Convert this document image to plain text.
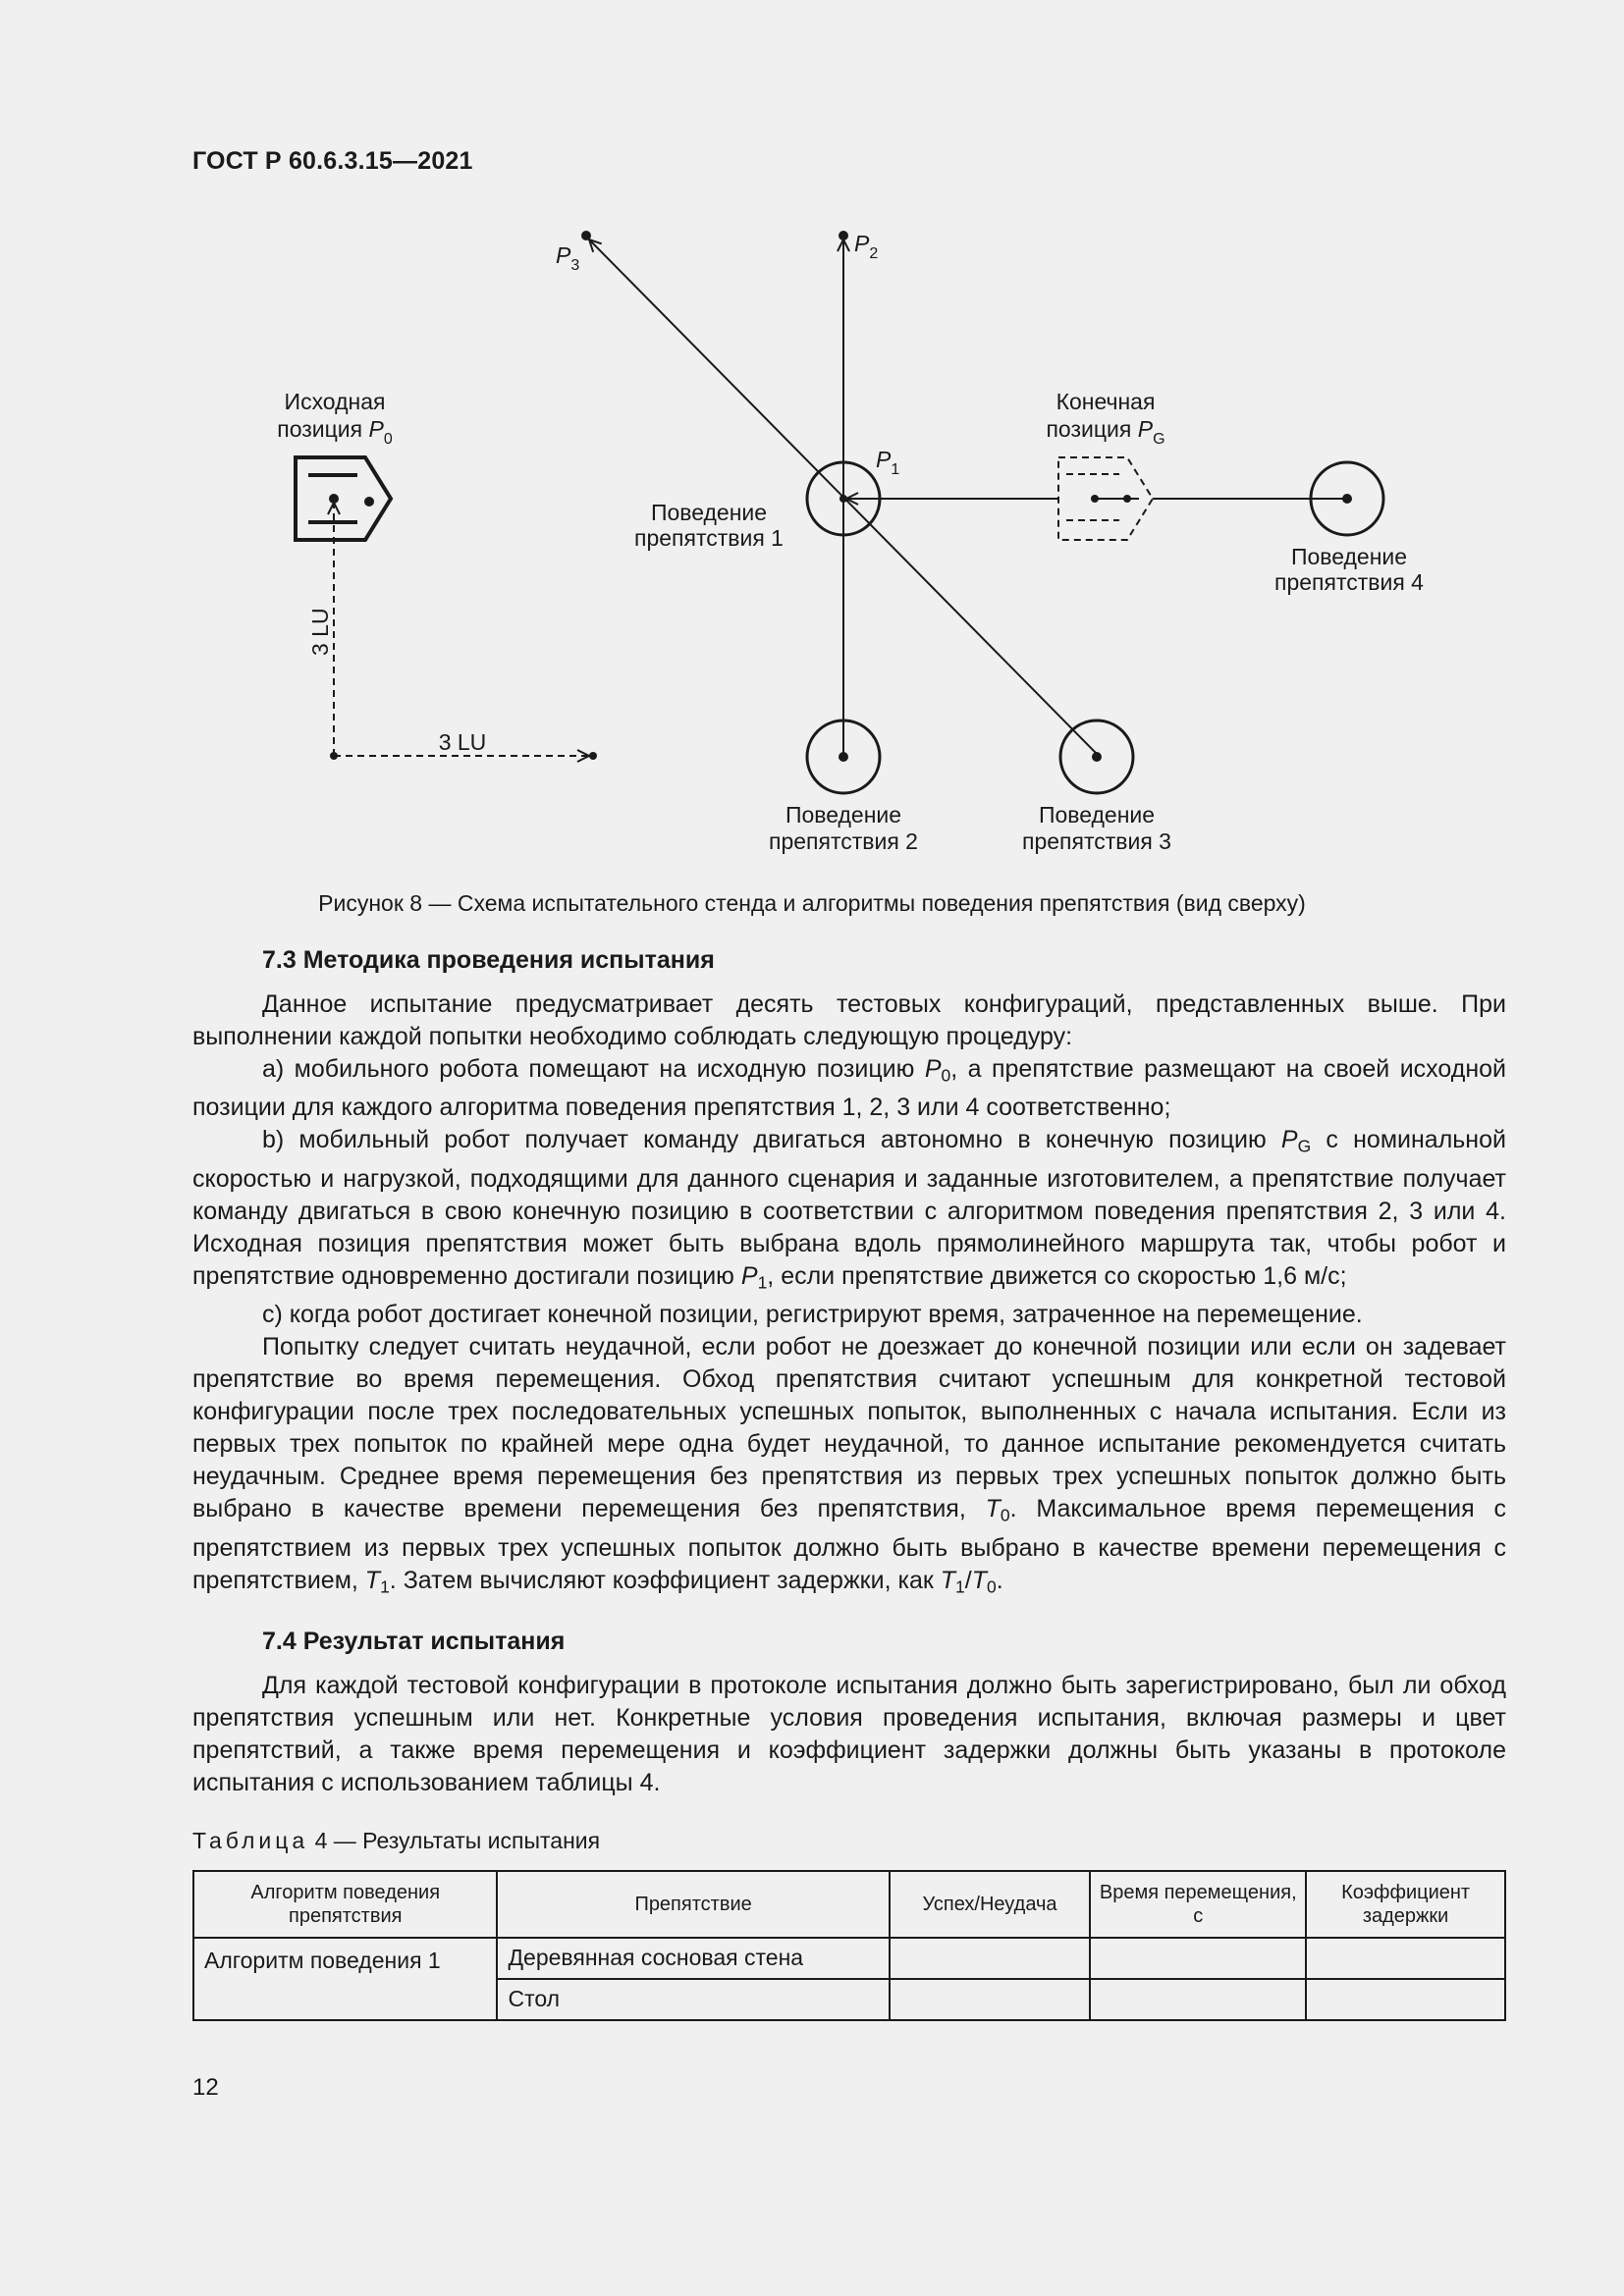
ГОСТ Р 60.6.3.15—2021
$P_3$
$P_2$
$P_1$
Конечная
позиция $P_G$
Исходная
позиция $P_0$
3 LU
3 LU
Поведение
препятствия 1
Поведение
препятствия 2
Поведение
препятствия 3
Поведение
препятствия 4
Рисунок 8 — Схема испытательного стенда и алгоритмы поведения препятствия (вид сверху)
7.3 Методика проведения испытания

Данное испытание предусматривает десять тестовых конфигураций, представленных выше. При выполнении каждой попытки необходимо соблюдать следующую процедуру:

а) мобильного робота помещают на исходную позицию $P_0$, а препятствие размещают на своей исходной позиции для каждого алгоритма поведения препятствия 1, 2, 3 или 4 соответственно;

b) мобильный робот получает команду двигаться автономно в конечную позицию $P_G$ с номинальной скоростью и нагрузкой, подходящими для данного сценария и заданные изготовителем, а препятствие получает команду двигаться в свою конечную позицию в соответствии с алгоритмом поведения препятствия 2, 3 или 4. Исходная позиция препятствия может быть выбрана вдоль прямолинейного маршрута так, чтобы робот и препятствие одновременно достигали позицию $P_1$, если препятствие движется со скоростью 1,6 м/с;

с) когда робот достигает конечной позиции, регистрируют время, затраченное на перемещение.

Попытку следует считать неудачной, если робот не доезжает до конечной позиции или если он задевает препятствие во время перемещения. Обход препятствия считают успешным для конкретной тестовой конфигурации после трех последовательных успешных попыток, выполненных с начала испытания. Если из первых трех попыток по крайней мере одна будет неудачной, то данное испытание рекомендуется считать неудачным. Среднее время перемещения без препятствия из первых трех успешных попыток должно быть выбрано в качестве времени перемещения без препятствия, $T_0$. Максимальное время перемещения с препятствием из первых трех успешных попыток должно быть выбрано в качестве времени перемещения с препятствием, $T_1$. Затем вычисляют коэффициент задержки, как $T_1/T_0$.

7.4 Результат испытания

Для каждой тестовой конфигурации в протоколе испытания должно быть зарегистрировано, был ли обход препятствия успешным или нет. Конкретные условия проведения испытания, включая размеры и цвет препятствий, а также время перемещения и коэффициент задержки должны быть указаны в протоколе испытания с использованием таблицы 4.

Таблица 4 — Результаты испытания
Алгоритм поведения препятствия	Препятствие	Успех/Неудача	Время перемещения, с	Коэффициент задержки
Алгоритм поведения 1	Деревянная сосновая стена			
	Стол			
12
